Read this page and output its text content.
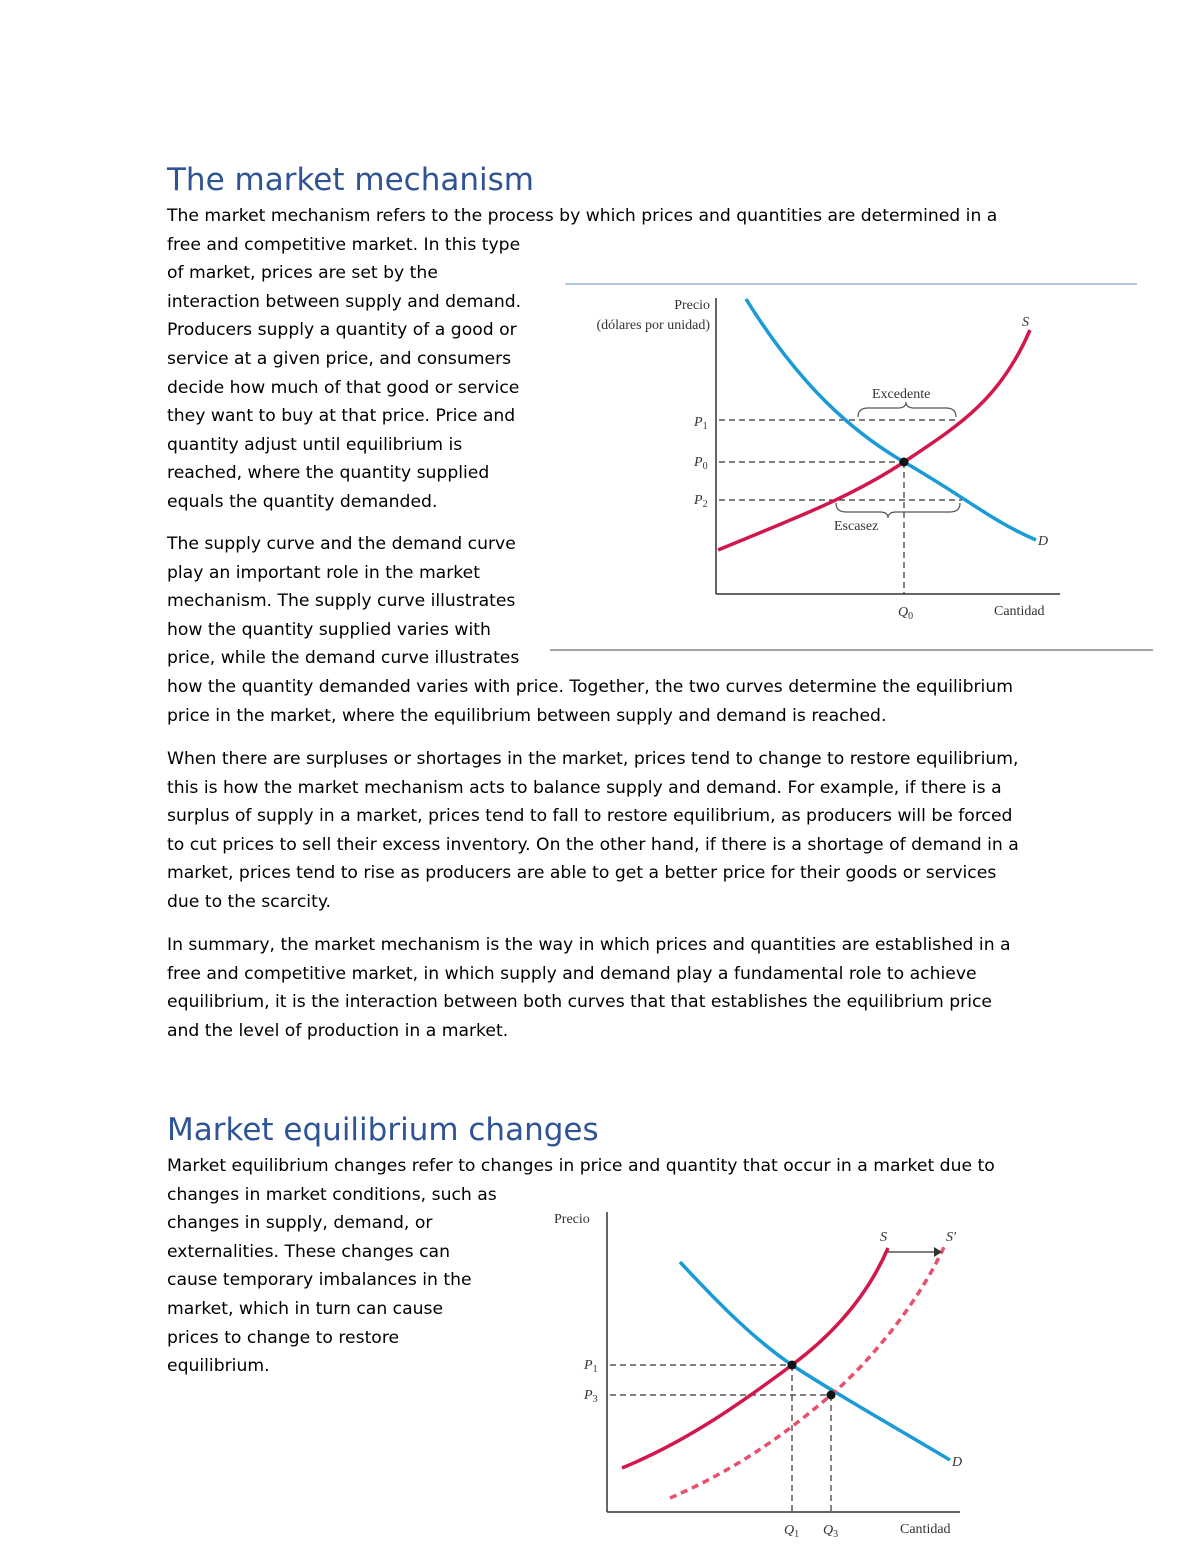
The market mechanism
The market mechanism refers to the process by which prices and quantities are determined in a
free and competitive market. In this type
of market, prices are set by the
interaction between supply and demand.
Producers supply a quantity of a good or
service at a given price, and consumers
decide how much of that good or service
they want to buy at that price. Price and
quantity adjust until equilibrium is
reached, where the quantity supplied
equals the quantity demanded.
The supply curve and the demand curve
play an important role in the market
mechanism. The supply curve illustrates
how the quantity supplied varies with
price, while the demand curve illustrates
how the quantity demanded varies with price. Together, the two curves determine the equilibrium
price in the market, where the equilibrium between supply and demand is reached.
When there are surpluses or shortages in the market, prices tend to change to restore equilibrium,
this is how the market mechanism acts to balance supply and demand. For example, if there is a
surplus of supply in a market, prices tend to fall to restore equilibrium, as producers will be forced
to cut prices to sell their excess inventory. On the other hand, if there is a shortage of demand in a
market, prices tend to rise as producers are able to get a better price for their goods or services
due to the scarcity.
In summary, the market mechanism is the way in which prices and quantities are established in a
free and competitive market, in which supply and demand play a fundamental role to achieve
equilibrium, it is the interaction between both curves that that establishes the equilibrium price
and the level of production in a market.
Market equilibrium changes
Market equilibrium changes refer to changes in price and quantity that occur in a market due to
changes in market conditions, such as
changes in supply, demand, or
externalities. These changes can
cause temporary imbalances in the
market, which in turn can cause
prices to change to restore
equilibrium.
Precio
(dólares por unidad)
Cantidad
S
D
Excedente
Escasez
$P_1$
$P_0$
$P_2$
$Q_0$
Precio
Cantidad
S	S′
D
$P_1$
$P_3$
$Q_1$ $Q_3$
